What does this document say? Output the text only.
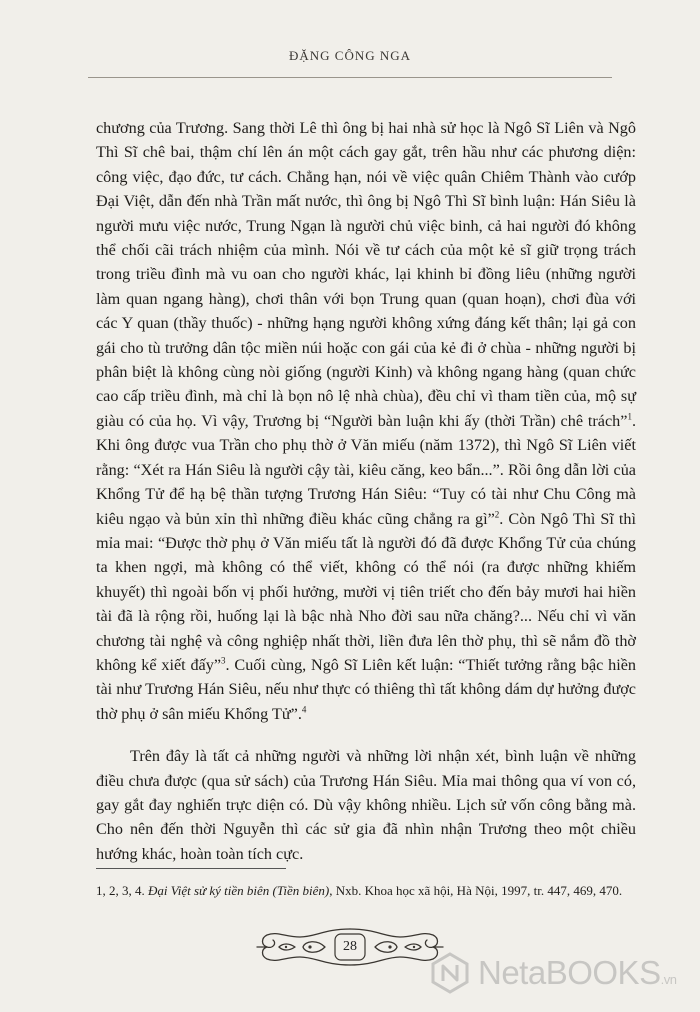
ĐẶNG CÔNG NGA

chương của Trương. Sang thời Lê thì ông bị hai nhà sử học là Ngô Sĩ Liên và Ngô Thì Sĩ chê bai, thậm chí lên án một cách gay gắt, trên hầu như các phương diện: công việc, đạo đức, tư cách. Chẳng hạn, nói về việc quân Chiêm Thành vào cướp Đại Việt, dẫn đến nhà Trần mất nước, thì ông bị Ngô Thì Sĩ bình luận: Hán Siêu là người mưu việc nước, Trung Ngạn là người chủ việc binh, cả hai người đó không thể chối cãi trách nhiệm của mình. Nói về tư cách của một kẻ sĩ giữ trọng trách trong triều đình mà vu oan cho người khác, lại khinh bỉ đồng liêu (những người làm quan ngang hàng), chơi thân với bọn Trung quan (quan hoạn), chơi đùa với các Y quan (thầy thuốc) - những hạng người không xứng đáng kết thân; lại gả con gái cho tù trưởng dân tộc miền núi hoặc con gái của kẻ đi ở chùa - những người bị phân biệt là không cùng nòi giống (người Kinh) và không ngang hàng (quan chức cao cấp triều đình, mà chỉ là bọn nô lệ nhà chùa), đều chỉ vì tham tiền của, mộ sự giàu có của họ. Vì vậy, Trương bị “Người bàn luận khi ấy (thời Trần) chê trách”$^1$. Khi ông được vua Trần cho phụ thờ ở Văn miếu (năm 1372), thì Ngô Sĩ Liên viết rằng: “Xét ra Hán Siêu là người cậy tài, kiêu căng, keo bẩn...”. Rồi ông dẫn lời của Khổng Tử để hạ bệ thần tượng Trương Hán Siêu: “Tuy có tài như Chu Công mà kiêu ngạo và bủn xỉn thì những điều khác cũng chẳng ra gì”$^2$. Còn Ngô Thì Sĩ thì mỉa mai: “Được thờ phụ ở Văn miếu tất là người đó đã được Khổng Tử của chúng ta khen ngợi, mà không có thể viết, không có thể nói (ra được những khiếm khuyết) thì ngoài bốn vị phối hưởng, mười vị tiên triết cho đến bảy mươi hai hiền tài đã là rộng rồi, huống lại là bậc nhà Nho đời sau nữa chăng?... Nếu chỉ vì văn chương tài nghệ và công nghiệp nhất thời, liền đưa lên thờ phụ, thì sẽ nắm đồ thờ không kể xiết đấy”$^3$. Cuối cùng, Ngô Sĩ Liên kết luận: “Thiết tưởng rằng bậc hiền tài như Trương Hán Siêu, nếu như thực có thiêng thì tất không dám dự hưởng được thờ phụ ở sân miếu Khổng Tử”.$^4$

Trên đây là tất cả những người và những lời nhận xét, bình luận về những điều chưa được (qua sử sách) của Trương Hán Siêu. Mỉa mai thông qua ví von có, gay gắt đay nghiến trực diện có. Dù vậy không nhiều. Lịch sử vốn công bằng mà. Cho nên đến thời Nguyễn thì các sử gia đã nhìn nhận Trương theo một chiều hướng khác, hoàn toàn tích cực.

1, 2, 3, 4. Đại Việt sử ký tiền biên (Tiền biên), Nxb. Khoa học xã hội, Hà Nội, 1997, tr. 447, 469, 470.
28
NetaBOOKS.vn
